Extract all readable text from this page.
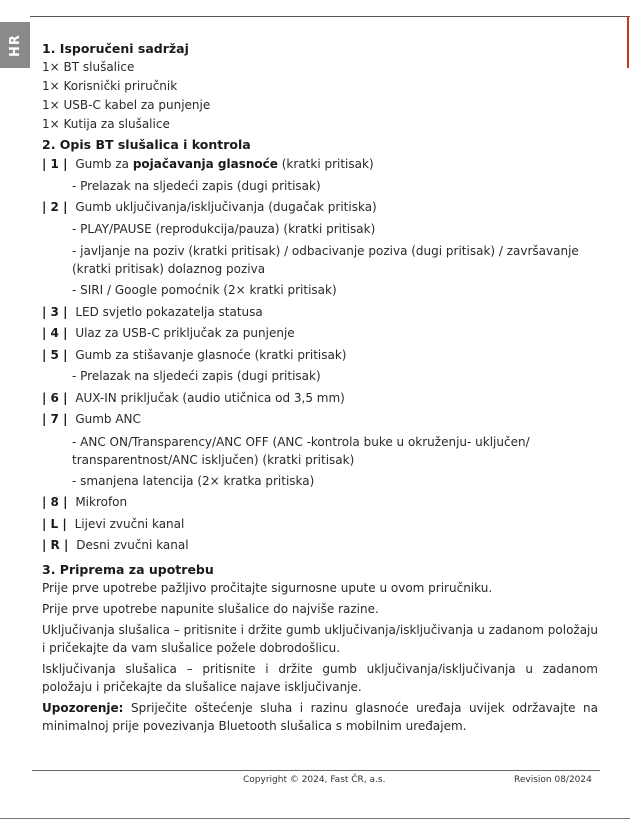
HR 1. Isporučeni sadržaj

1× BT slušalice
1× Korisnički priručnik
1× USB-C kabel za punjenje
1× Kutija za slušalice

2. Opis BT slušalica i kontrola

| 1 | Gumb za pojačavanja glasnoće (kratki pritisak)
- Prelazak na sljedeći zapis (dugi pritisak)
| 2 | Gumb uključivanja/isključivanja (dugačak pritiska)
- PLAY/PAUSE (reprodukcija/pauza) (kratki pritisak)
- javljanje na poziv (kratki pritisak) / odbacivanje poziva (dugi pritisak) / završavanje (kratki pritisak) dolaznog poziva
- SIRI / Google pomoćnik (2× kratki pritisak)
| 3 | LED svjetlo pokazatelja statusa
| 4 | Ulaz za USB-C priključak za punjenje
| 5 | Gumb za stišavanje glasnoće (kratki pritisak)
- Prelazak na sljedeći zapis (dugi pritisak)
| 6 | AUX-IN priključak (audio utičnica od 3,5 mm)
| 7 | Gumb ANC
- ANC ON/Transparency/ANC OFF (ANC -kontrola buke u okruženju- uključen/ transparentnost/ANC isključen) (kratki pritisak)
- smanjena latencija (2× kratka pritiska)
| 8 | Mikrofon
| L | Lijevi zvučni kanal
| R | Desni zvučni kanal

3. Priprema za upotrebu

Prije prve upotrebe pažljivo pročitajte sigurnosne upute u ovom priručniku.

Prije prve upotrebe napunite slušalice do najviše razine.

Uključivanja slušalica – pritisnite i držite gumb uključivanja/isključivanja u zadanom položaju i pričekajte da vam slušalice požele dobrodošlicu.

Isključivanja slušalica – pritisnite i držite gumb uključivanja/isključivanja u zadanom položaju i pričekajte da slušalice najave isključivanje.

Upozorenje: Spriječite oštećenje sluha i razinu glasnoće uređaja uvijek održavajte na minimalnoj prije povezivanja Bluetooth slušalica s mobilnim uređajem.

Copyright © 2024, Fast ČR, a.s.	Revision 08/2024
